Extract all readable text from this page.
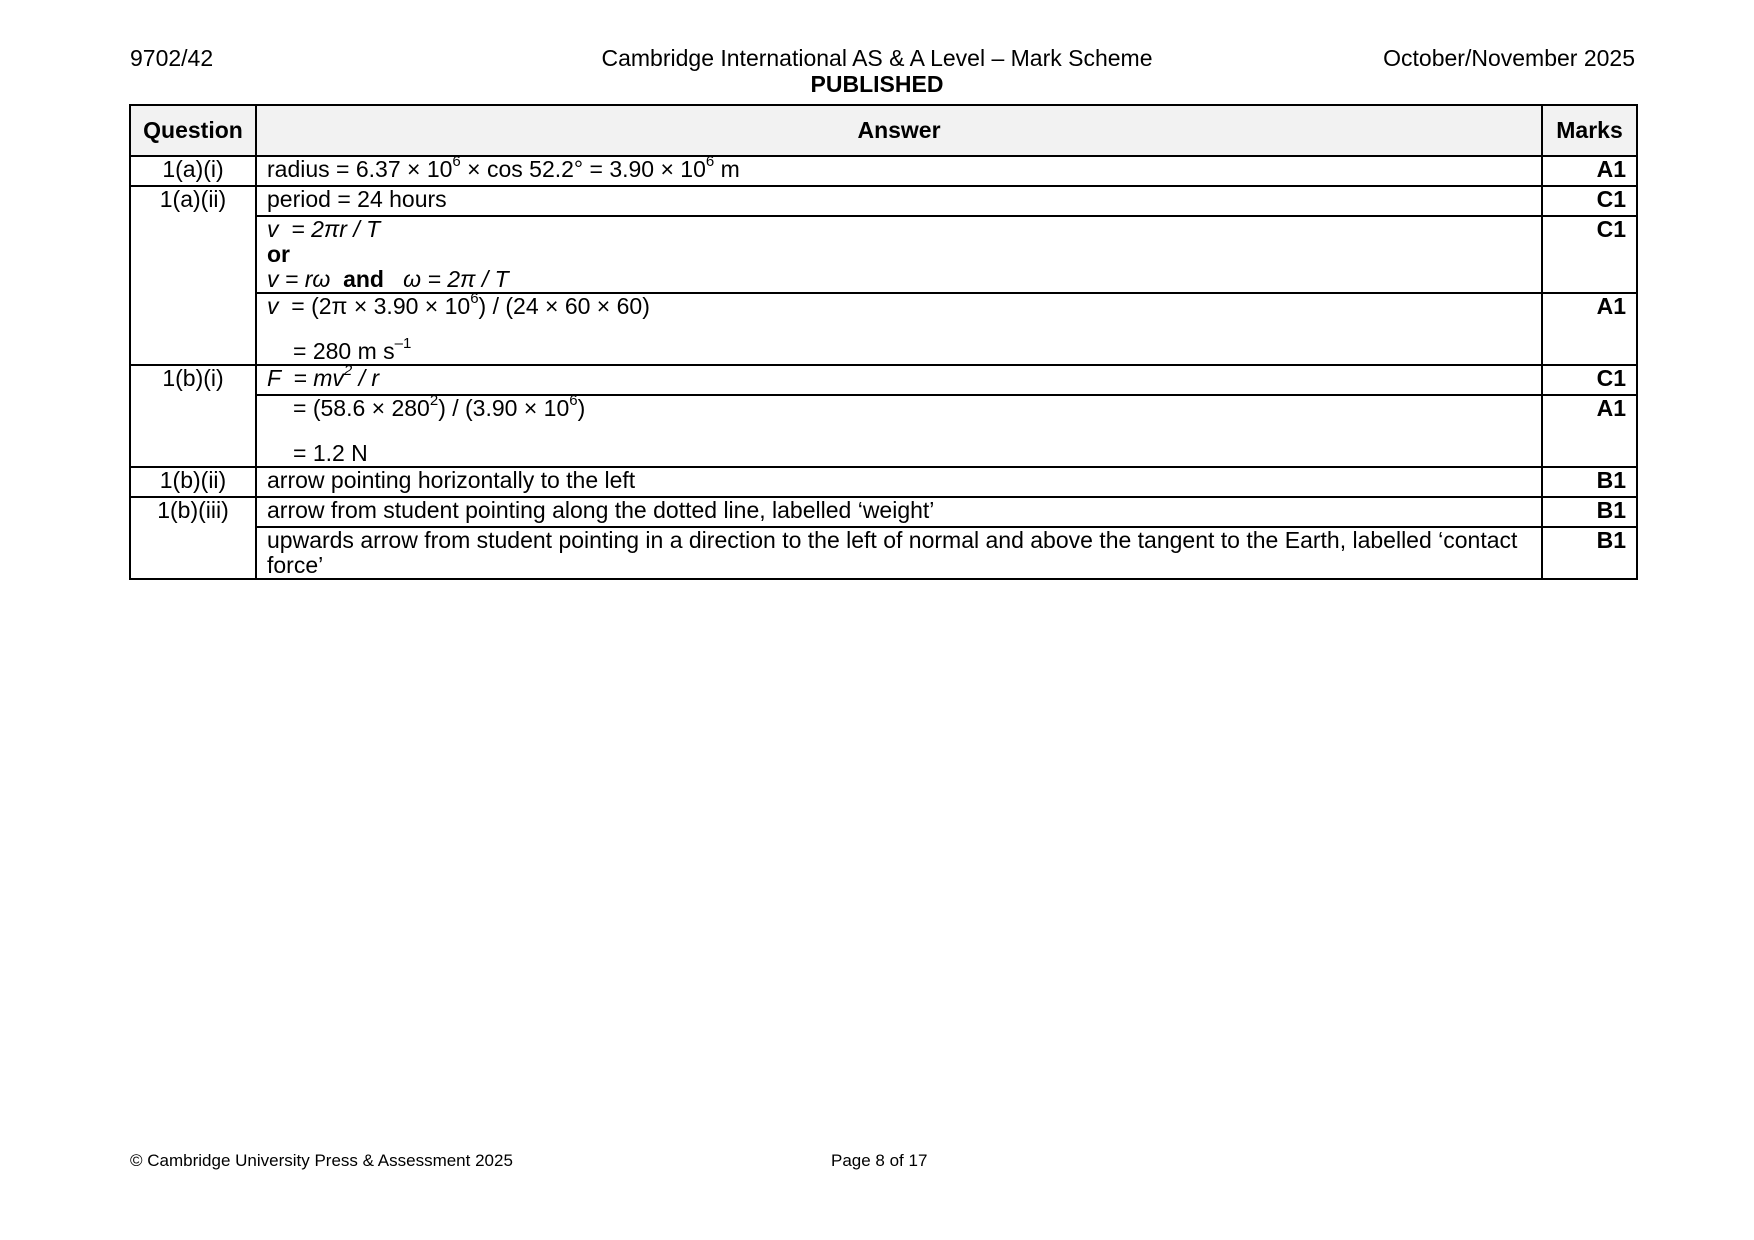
9702/42	Cambridge International AS & A Level – Mark Scheme	October/November 2025
PUBLISHED
Question	Answer	Marks
1(a)(i)	radius = $6.37 \times 10^6 \times \cos 52.2^\circ = 3.90 \times 10^6$ m	A1
1(a)(ii)	period = 24 hours	C1

	v  = 2πr / T
or
v = rω and ω = 2π / T	C1

	$v = (2\pi \times 3.90 \times 10^6) / (24 \times 60 \times 60)$
= 280 m $s^{-1}$	A1
1(b)(i)	$F = mv^2 / r$	C1

	= $(58.6 \times 280^2) / (3.90 \times 10^6)$
= 1.2 N	A1
1(b)(ii)	arrow pointing horizontally to the left	B1
1(b)(iii)	arrow from student pointing along the dotted line, labelled ‘weight’	B1
	upwards arrow from student pointing in a direction to the left of normal and above the tangent to the Earth, labelled ‘contact force’	B1
© Cambridge University Press & Assessment 2025	Page 8 of 17
